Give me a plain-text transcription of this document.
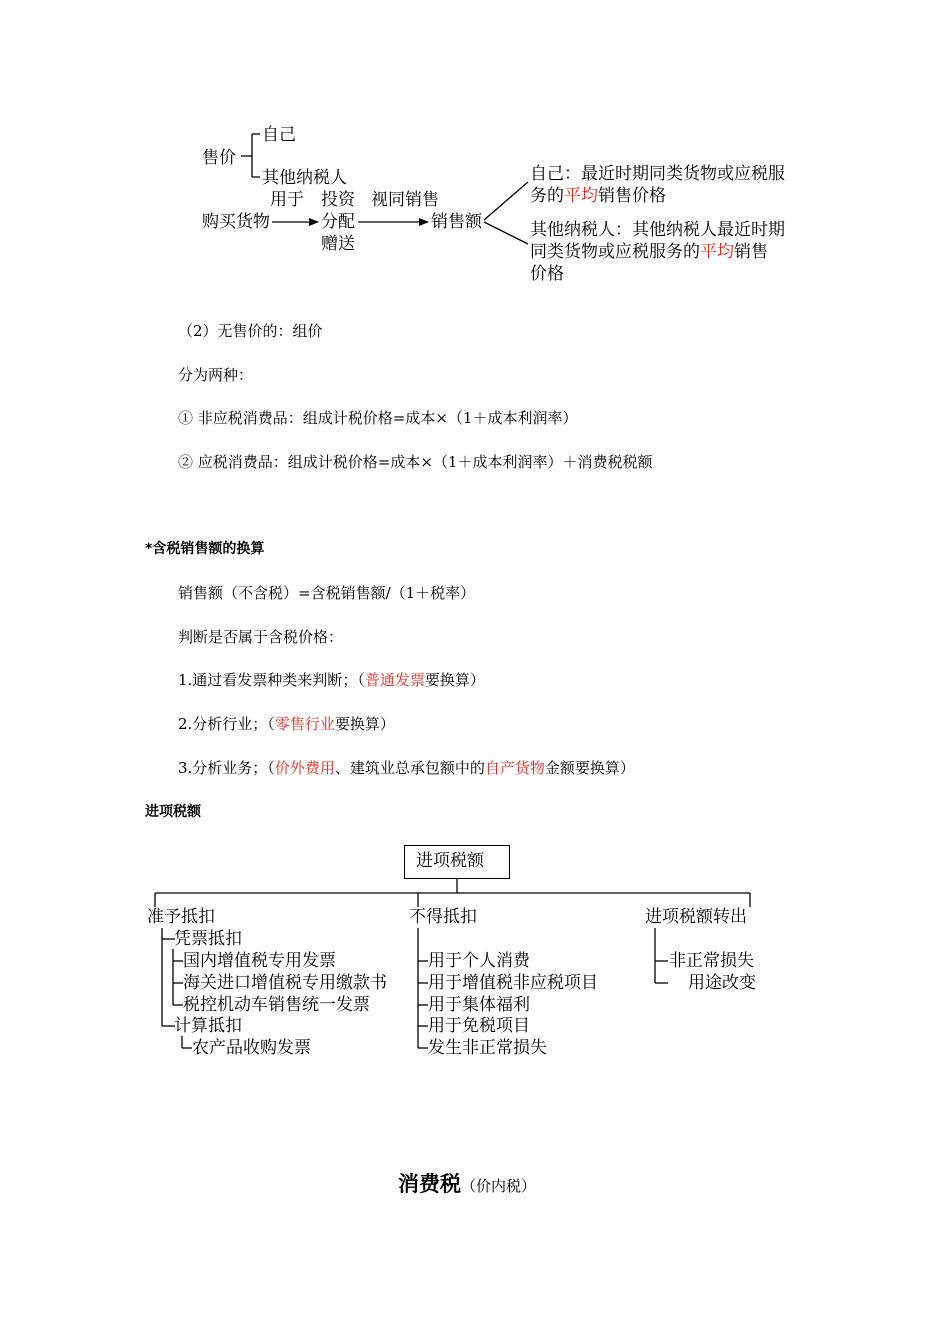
售价
自己
其他纳税人
用于 投资
分配
赠送
视同销售
购买货物	销售额
自己：最近时期同类货物或应税服
务的平均销售价格
其他纳税人：其他纳税人最近时期
同类货物或应税服务的平均销售
价格
（2）无售价的：组价
分为两种：
① 非应税消费品：组成计税价格=成本×（1＋成本利润率）
② 应税消费品：组成计税价格=成本×（1＋成本利润率）＋消费税税额
*含税销售额的换算
销售额（不含税）=含税销售额/（1＋税率）
判断是否属于含税价格：
1.通过看发票种类来判断；（普通发票要换算）
2.分析行业；（零售行业要换算）
3.分析业务；（价外费用、建筑业总承包额中的自产货物金额要换算）
进项税额
进项税额
准予抵扣
凭票抵扣
国内增值税专用发票
海关进口增值税专用缴款书
税控机动车销售统一发票
计算抵扣
农产品收购发票
不得抵扣
用于个人消费
用于增值税非应税项目
用于集体福利
用于免税项目
发生非正常损失
进项税额转出
非正常损失
用途改变
消费税（价内税）
